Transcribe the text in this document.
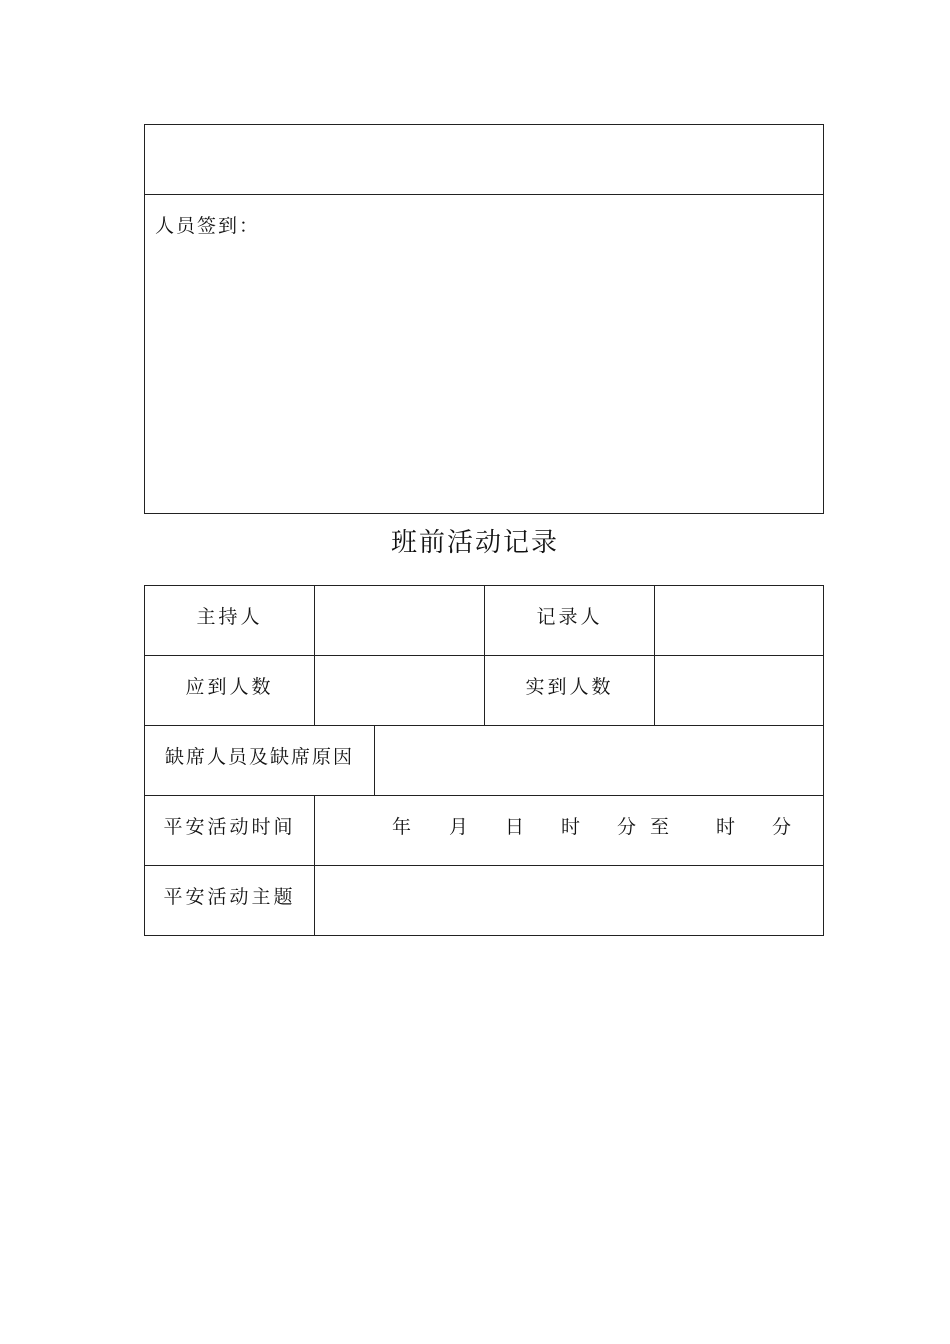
人员签到：
班前活动记录
主持人	记录人
应到人数	实到人数
缺席人员及缺席原因
平安活动时间	年 月 日 时 分 至 时 分
平安活动主题
